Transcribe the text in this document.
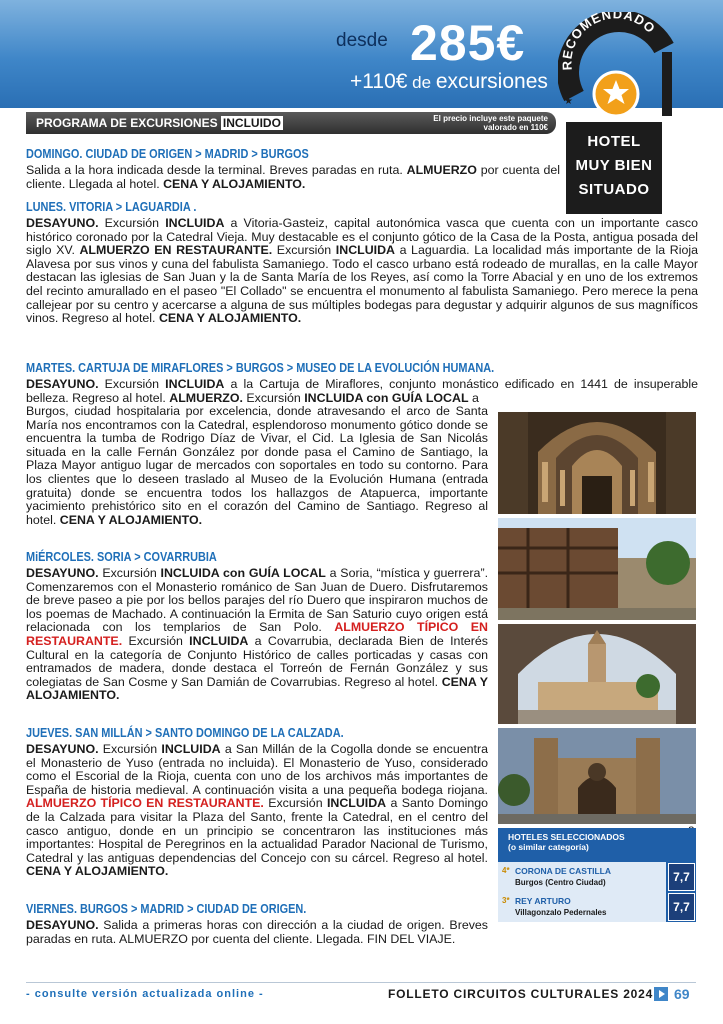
desde 285€
+110€ de excursiones
RECOMENDADO
★
HOTEL
MUY BIEN
SITUADO
PROGRAMA DE EXCURSIONES INCLUIDO	El precio incluye este paquete
valorado en 110€
DOMINGO. CIUDAD DE ORIGEN > MADRID > BURGOS
Salida a la hora indicada desde la terminal. Breves paradas en ruta. ALMUERZO por cuenta del cliente. Llegada al hotel. CENA Y ALOJAMIENTO.
LUNES. VITORIA > LAGUARDIA .
DESAYUNO. Excursión INCLUIDA a Vitoria-Gasteiz, capital autonómica vasca que cuenta con un importante casco histórico coronado por la Catedral Vieja. Muy destacable es el conjunto gótico de la Casa de la Posta, antigua posada del siglo XV. ALMUERZO EN RESTAURANTE. Excursión INCLUIDA a Laguardia. La localidad más importante de la Rioja Alavesa por sus vinos y cuna del fabulista Samaniego. Todo el casco urbano está rodeado de murallas, en la calle Mayor destacan las iglesias de San Juan y la de Santa María de los Reyes, así como la Torre Abacial y en uno de los extremos del recinto amurallado en el paseo "El Collado" se encuentra el monumento al fabulista Samaniego. Pero merece la pena callejear por su centro y acercarse a alguna de sus múltiples bodegas para degustar y adquirir algunos de sus magníficos vinos. Regreso al hotel. CENA Y ALOJAMIENTO.
MARTES. CARTUJA DE MIRAFLORES > BURGOS > MUSEO DE LA EVOLUCIÓN HUMANA.
DESAYUNO. Excursión INCLUIDA a la Cartuja de Miraflores, conjunto monástico edificado en 1441 de insuperable belleza. Regreso al hotel. ALMUERZO. Excursión INCLUIDA con GUÍA LOCAL a
Burgos, ciudad hospitalaria por excelencia, donde atravesando el arco de Santa María nos encontramos con la Catedral, esplendoroso monumento gótico donde se encuentra la tumba de Rodrigo Díaz de Vivar, el Cid. La Iglesia de San Nicolás situada en la calle Fernán González por donde pasa el Camino de Santiago, la Plaza Mayor antiguo lugar de mercados con soportales en todo su contorno. Para los clientes que lo deseen traslado al Museo de la Evolución Humana (entrada gratuita) donde se encuentra todos los hallazgos de Atapuerca, importante yacimiento prehistórico sito en el corazón del Camino de Santiago. Regreso al hotel. CENA Y ALOJAMIENTO.
MiÉRCOLES. SORIA > COVARRUBIA
DESAYUNO. Excursión INCLUIDA con GUÍA LOCAL a Soria, “mística y guerrera”. Comenzaremos con el Monasterio románico de San Juan de Duero. Disfrutaremos de breve paseo a pie por los bellos parajes del río Duero que inspiraron muchos de los poemas de Machado. A continuación la Ermita de San Saturio cuyo origen está relacionada con los templarios de San Polo. ALMUERZO TÍPICO EN RESTAURANTE. Excursión INCLUIDA a Covarrubia, declarada Bien de Interés Cultural en la categoría de Conjunto Histórico de calles porticadas y casas con entramados de madera, donde destaca el Torreón de Fernán González y sus colegiatas de San Cosme y San Damián de Covarrubias. Regreso al hotel. CENA Y ALOJAMIENTO.
JUEVES. SAN MILLÁN > SANTO DOMINGO DE LA CALZADA.
DESAYUNO. Excursión INCLUIDA a San Millán de la Cogolla donde se encuentra el Monasterio de Yuso (entrada no incluida). El Monasterio de Yuso, considerado como el Escorial de la Rioja, cuenta con uno de los archivos más importantes de España de historia medieval. A continuación visita a una pequeña bodega riojana. ALMUERZO TÍPICO EN RESTAURANTE. Excursión INCLUIDA a Santo Domingo de la Calzada para visitar la Plaza del Santo, frente la Catedral, en el centro del casco antiguo, donde en un principio se concentraron las instituciones más importantes: Hospital de Peregrinos en la actualidad Parador Nacional de Turismo, Catedral y las antiguas dependencias del Concejo con su cárcel. Regreso al hotel. CENA Y ALOJAMIENTO.
VIERNES. BURGOS > MADRID > CIUDAD DE ORIGEN.
DESAYUNO. Salida a primeras horas con dirección a la ciudad de origen. Breves paradas en ruta. ALMUERZO por cuenta del cliente. Llegada. FIN DEL VIAJE.
HOTELES SELECCIONADOS
(o similar categoría)
4* CORONA DE CASTILLA
Burgos (Centro Ciudad)	7,7
3* REY ARTURO
Villagonzalo Pedernales	7,7
- consulte versión actualizada online -	FOLLETO CIRCUITOS CULTURALES 2024 69
